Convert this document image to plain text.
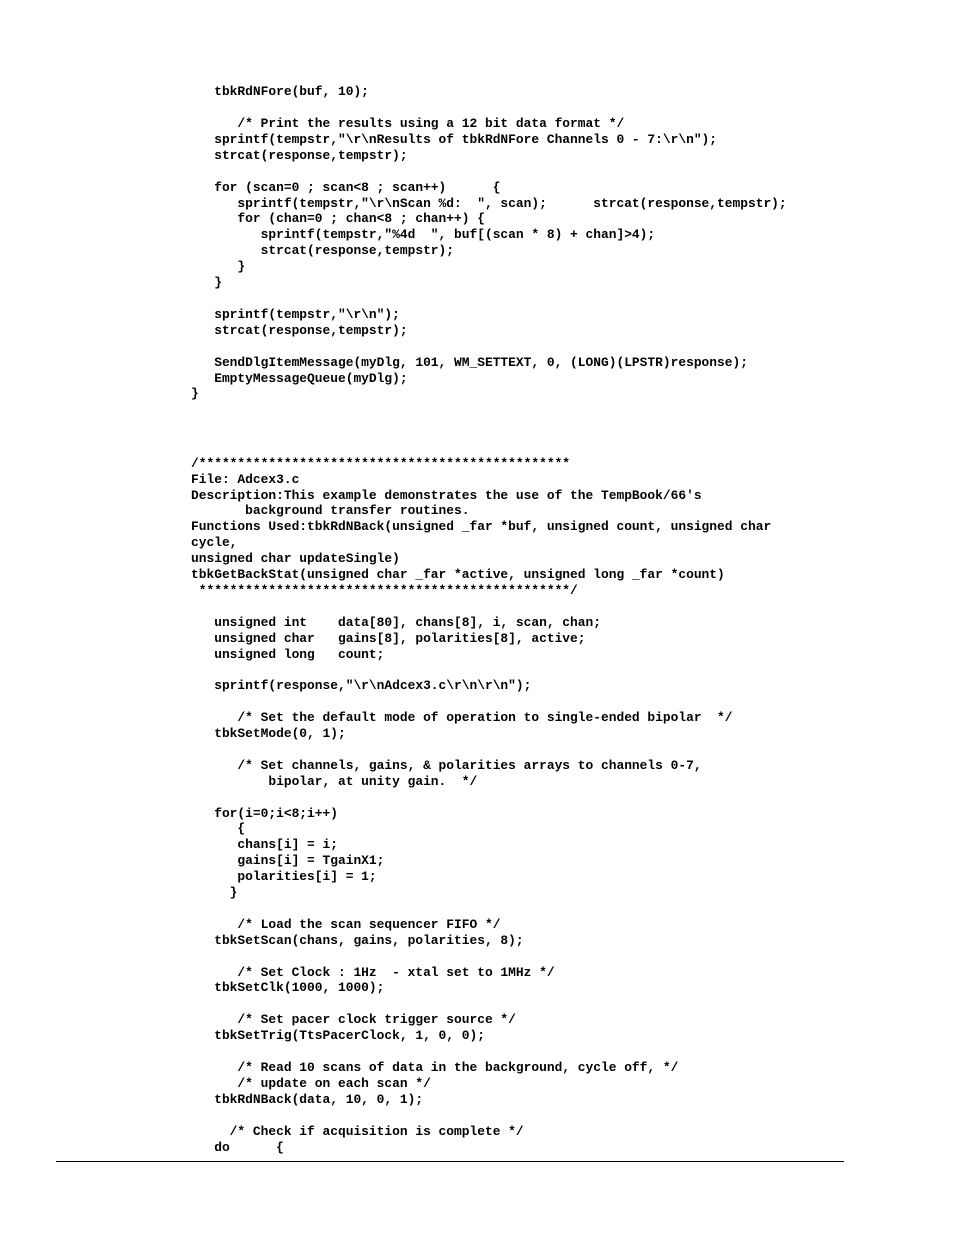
tbkRdNFore(buf, 10);
/* Print the results using a 12 bit data format */
sprintf(tempstr,"\r\nResults of tbkRdNFore Channels 0 - 7:\r\n");
strcat(response,tempstr);
for (scan=0 ; scan<8 ; scan++)      {
sprintf(tempstr,"\r\nScan %d:  ", scan);      strcat(response,tempstr);
for (chan=0 ; chan<8 ; chan++) {
sprintf(tempstr,"%4d  ", buf[(scan * 8) + chan]>4);
strcat(response,tempstr);
}
}
sprintf(tempstr,"\r\n");
strcat(response,tempstr);
SendDlgItemMessage(myDlg, 101, WM_SETTEXT, 0, (LONG)(LPSTR)response);
EmptyMessageQueue(myDlg);
}
/************************************************
File: Adcex3.c
Description:This example demonstrates the use of the TempBook/66's
background transfer routines.
Functions Used:tbkRdNBack(unsigned _far *buf, unsigned count, unsigned char
cycle,
unsigned char updateSingle)
tbkGetBackStat(unsigned char _far *active, unsigned long _far *count)
************************************************/
unsigned int    data[80], chans[8], i, scan, chan;
unsigned char   gains[8], polarities[8], active;
unsigned long   count;
sprintf(response,"\r\nAdcex3.c\r\n\r\n");
/* Set the default mode of operation to single-ended bipolar  */
tbkSetMode(0, 1);
/* Set channels, gains, & polarities arrays to channels 0-7,
bipolar, at unity gain.  */
for(i=0;i<8;i++)
{
chans[i] = i;
gains[i] = TgainX1;
polarities[i] = 1;
}
/* Load the scan sequencer FIFO */
tbkSetScan(chans, gains, polarities, 8);
/* Set Clock : 1Hz  - xtal set to 1MHz */
tbkSetClk(1000, 1000);
/* Set pacer clock trigger source */
tbkSetTrig(TtsPacerClock, 1, 0, 0);
/* Read 10 scans of data in the background, cycle off, */
/* update on each scan */
tbkRdNBack(data, 10, 0, 1);
/* Check if acquisition is complete */
do      {
